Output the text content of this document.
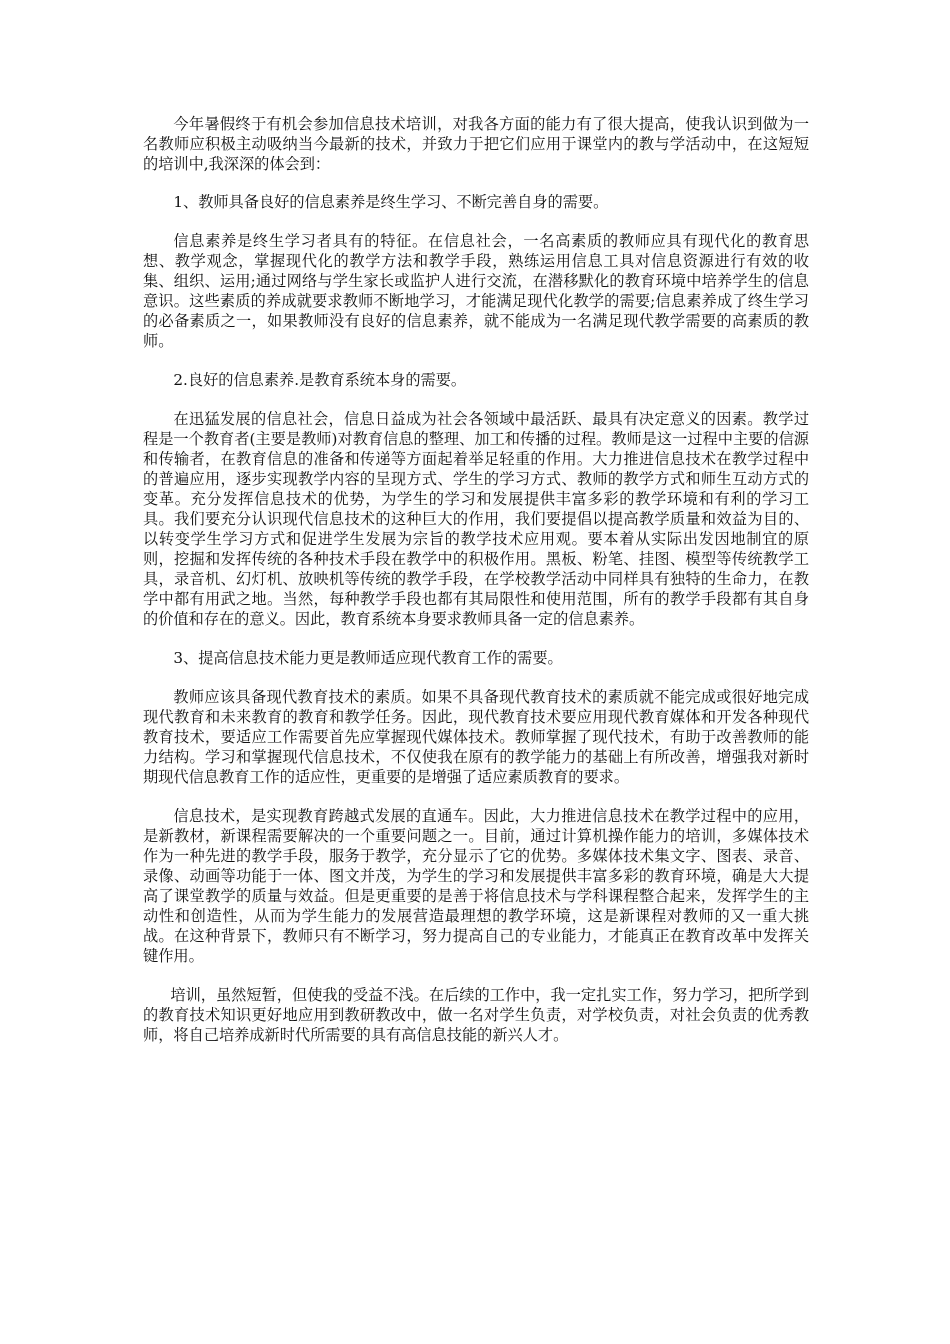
今年暑假终于有机会参加信息技术培训，对我各方面的能力有了很大提高，使我认识到做为一名教师应积极主动吸纳当今最新的技术，并致力于把它们应用于课堂内的教与学活动中，在这短短的培训中,我深深的体会到：

1、教师具备良好的信息素养是终生学习、不断完善自身的需要。

信息素养是终生学习者具有的特征。在信息社会，一名高素质的教师应具有现代化的教育思想、教学观念，掌握现代化的教学方法和教学手段，熟练运用信息工具对信息资源进行有效的收集、组织、运用;通过网络与学生家长或监护人进行交流，在潜移默化的教育环境中培养学生的信息意识。这些素质的养成就要求教师不断地学习，才能满足现代化教学的需要;信息素养成了终生学习的必备素质之一，如果教师没有良好的信息素养，就不能成为一名满足现代教学需要的高素质的教师。

2.良好的信息素养.是教育系统本身的需要。

在迅猛发展的信息社会，信息日益成为社会各领域中最活跃、最具有决定意义的因素。教学过程是一个教育者(主要是教师)对教育信息的整理、加工和传播的过程。教师是这一过程中主要的信源和传输者，在教育信息的准备和传递等方面起着举足轻重的作用。大力推进信息技术在教学过程中的普遍应用，逐步实现教学内容的呈现方式、学生的学习方式、教师的教学方式和师生互动方式的变革。充分发挥信息技术的优势，为学生的学习和发展提供丰富多彩的教学环境和有利的学习工具。我们要充分认识现代信息技术的这种巨大的作用，我们要提倡以提高教学质量和效益为目的、以转变学生学习方式和促进学生发展为宗旨的教学技术应用观。要本着从实际出发因地制宜的原则，挖掘和发挥传统的各种技术手段在教学中的积极作用。黑板、粉笔、挂图、模型等传统教学工具，录音机、幻灯机、放映机等传统的教学手段，在学校教学活动中同样具有独特的生命力，在教学中都有用武之地。当然，每种教学手段也都有其局限性和使用范围，所有的教学手段都有其自身的价值和存在的意义。因此，教育系统本身要求教师具备一定的信息素养。

3、提高信息技术能力更是教师适应现代教育工作的需要。

教师应该具备现代教育技术的素质。如果不具备现代教育技术的素质就不能完成或很好地完成现代教育和未来教育的教育和教学任务。因此，现代教育技术要应用现代教育媒体和开发各种现代教育技术，要适应工作需要首先应掌握现代媒体技术。教师掌握了现代技术，有助于改善教师的能力结构。学习和掌握现代信息技术，不仅使我在原有的教学能力的基础上有所改善，增强我对新时期现代信息教育工作的适应性，更重要的是增强了适应素质教育的要求。

信息技术，是实现教育跨越式发展的直通车。因此，大力推进信息技术在教学过程中的应用，是新教材，新课程需要解决的一个重要问题之一。目前，通过计算机操作能力的培训，多媒体技术作为一种先进的教学手段，服务于教学，充分显示了它的优势。多媒体技术集文字、图表、录音、录像、动画等功能于一体、图文并茂，为学生的学习和发展提供丰富多彩的教育环境，确是大大提高了课堂教学的质量与效益。但是更重要的是善于将信息技术与学科课程整合起来，发挥学生的主动性和创造性，从而为学生能力的发展营造最理想的教学环境，这是新课程对教师的又一重大挑战。在这种背景下，教师只有不断学习，努力提高自己的专业能力，才能真正在教育改革中发挥关键作用。

培训，虽然短暂，但使我的受益不浅。在后续的工作中，我一定扎实工作，努力学习，把所学到的教育技术知识更好地应用到教研教改中，做一名对学生负责，对学校负责，对社会负责的优秀教师，将自己培养成新时代所需要的具有高信息技能的新兴人才。
